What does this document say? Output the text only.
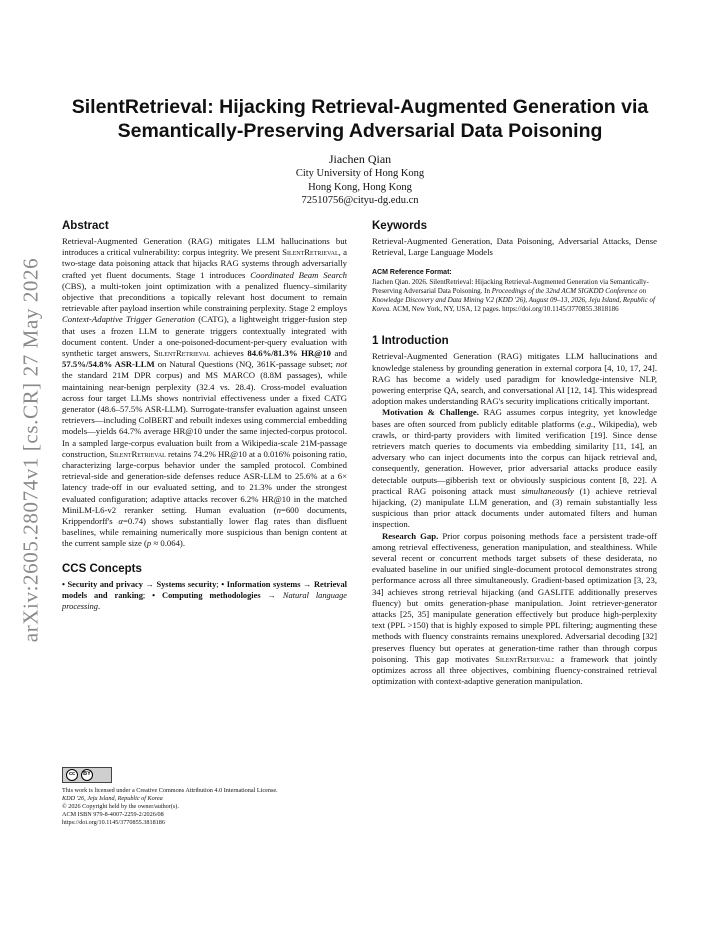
arXiv:2605.28074v1 [cs.CR] 27 May 2026
SilentRetrieval: Hijacking Retrieval-Augmented Generation via
Semantically-Preserving Adversarial Data Poisoning
Jiachen Qian
City University of Hong Kong
Hong Kong, Hong Kong
72510756@cityu-dg.edu.cn
Abstract

Retrieval-Augmented Generation (RAG) mitigates LLM hallucinations but introduces a critical vulnerability: corpus integrity. We present SilentRetrieval, a two-stage data poisoning attack that hijacks RAG systems through adversarially crafted yet fluent documents. Stage 1 introduces Coordinated Beam Search (CBS), a multi-token joint optimization with a penalized fluency–similarity objective that preconditions a topically relevant host document to remain retrievable after payload insertion while constraining perplexity. Stage 2 employs Context-Adaptive Trigger Generation (CATG), a lightweight trigger-fusion step that uses a frozen LLM to generate triggers contextually integrated with document content. Under a one-poisoned-document-per-query evaluation with synthetic target answers, SilentRetrieval achieves 84.6%/81.3% HR@10 and 57.5%/54.8% ASR-LLM on Natural Questions (NQ, 361K-passage subset; not the standard 21M DPR corpus) and MS MARCO (8.8M passages), while maintaining near-benign perplexity (32.4 vs. 28.4). Cross-model evaluation across four target LLMs shows nontrivial effectiveness under a fixed CATG generator (48.6–57.5% ASR-LLM). Surrogate-transfer evaluation against unseen retrievers—including ColBERT and rebuilt indexes using commercial embedding models—yields 64.7% average HR@10 under the same injected-corpus protocol. In a sampled large-corpus evaluation built from a Wikipedia-scale 21M-passage construction, SilentRetrieval retains 74.2% HR@10 at a 0.016% poisoning ratio, characterizing large-corpus behavior under the sampled protocol. Combined retrieval-side and generation-side defenses reduce ASR-LLM to 25.6% at a 6× latency trade-off in our evaluated setting, and to 21.3% under the strongest evaluated configuration; adaptive attacks recover 6.2% HR@10 in the matched MiniLM-L6-v2 reranker setting. Human evaluation (n=600 documents, Krippendorff's α=0.74) shows substantially lower flag rates than disfluent baselines, while remaining numerically more suspicious than benign content at the current sample size (p ≈ 0.064).

CCS Concepts

• Security and privacy → Systems security; • Information systems → Retrieval models and ranking; • Computing methodologies → Natural language processing.

cc	BY
This work is licensed under a Creative Commons Attribution 4.0 International License.
KDD '26, Jeju Island, Republic of Korea
© 2026 Copyright held by the owner/author(s).
ACM ISBN 979-8-4007-2259-2/2026/08
https://doi.org/10.1145/3770855.3818186
Keywords

Retrieval-Augmented Generation, Data Poisoning, Adversarial Attacks, Dense Retrieval, Large Language Models

ACM Reference Format:

Jiachen Qian. 2026. SilentRetrieval: Hijacking Retrieval-Augmented Generation via Semantically-Preserving Adversarial Data Poisoning. In Proceedings of the 32nd ACM SIGKDD Conference on Knowledge Discovery and Data Mining V.2 (KDD '26), August 09–13, 2026, Jeju Island, Republic of Korea. ACM, New York, NY, USA, 12 pages. https://doi.org/10.1145/3770855.3818186

1 Introduction

Retrieval-Augmented Generation (RAG) mitigates LLM hallucinations and knowledge staleness by grounding generation in external corpora [4, 10, 17, 24]. RAG has become a widely used paradigm for knowledge-intensive NLP, powering enterprise QA, search, and conversational AI [12, 14]. This widespread adoption makes understanding RAG's security implications critically important.

Motivation & Challenge. RAG assumes corpus integrity, yet knowledge bases are often sourced from publicly editable platforms (e.g., Wikipedia), web crawls, or third-party providers with limited verification [19]. Since dense retrievers match queries to documents via embedding similarity [11, 14], an adversary who can inject documents into the corpus can hijack retrieval and, consequently, generation. However, prior adversarial attacks produce easily detectable outputs—gibberish text or obviously suspicious content [8, 22]. A practical RAG poisoning attack must simultaneously (1) achieve retrieval hijacking, (2) manipulate LLM generation, and (3) remain substantially less suspicious than prior attack documents under automated filters and human inspection.

Research Gap. Prior corpus poisoning methods face a persistent trade-off among retrieval effectiveness, generation manipulation, and stealthiness. While several recent or concurrent methods target subsets of these desiderata, no evaluated baseline in our unified single-document protocol demonstrates strong performance across all three simultaneously. Gradient-based optimization [3, 23, 34] achieves strong retrieval hijacking (and GASLITE additionally preserves fluency) but omits generation-phase manipulation. Joint retriever-generator attacks [25, 35] manipulate generation effectively but produce high-perplexity text (PPL >150) that is highly exposed to simple PPL filtering; augmenting these methods with fluency constraints remains unexplored. Adversarial decoding [32] preserves fluency but operates at generation-time rather than through corpus poisoning. This gap motivates SilentRetrieval: a framework that jointly optimizes across all three objectives, combining fluency-constrained retrieval optimization with context-adaptive generation manipulation.
